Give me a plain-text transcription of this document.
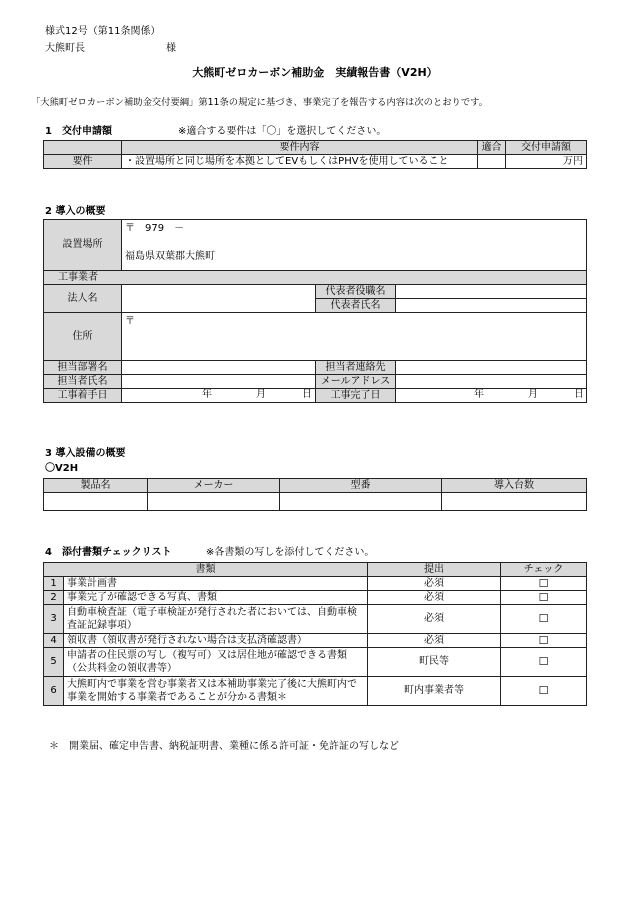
様式12号（第11条関係）
大熊町長	様
大熊町ゼロカーボン補助金　実績報告書（V2H）
「大熊町ゼロカーボン補助金交付要綱」第11条の規定に基づき、事業完了を報告する内容は次のとおりです。
1　交付申請額	※適合する要件は「〇」を選択してください。
	要件内容	適合	交付申請額
要件	・設置場所と同じ場所を本拠としてEVもしくはPHVを使用していること		万円
2 導入の概要
設置場所	〒　979　－
福島県双葉郡大熊町		

工事業者			
法人名		代表者役職名	
		代表者氏名	
住所	〒		
担当部署名		担当者連絡先	
担当者氏名		メールアドレス	
工事着手日	年 月 日	工事完了日	年 月 日
3 導入設備の概要
〇V2H
製品名	メーカー	型番	導入台数

4　添付書類チェックリスト	※各書類の写しを添付してください。
書類		提出	チェック
1	事業計画書	必須	☐
2	事業完了が確認できる写真、書類	必須	☐
3	自動車検査証（電子車検証が発行された者においては、自動車検査証記録事項）	必須	☐
4	領収書（領収書が発行されない場合は支払済確認書）	必須	☐
5	申請者の住民票の写し（複写可）又は居住地が確認できる書類（公共料金の領収書等）	町民等	☐
6	大熊町内で事業を営む事業者又は本補助事業完了後に大熊町内で事業を開始する事業者であることが分かる書類＊	町内事業者等	☐
＊　開業届、確定申告書、納税証明書、業種に係る許可証・免許証の写しなど
